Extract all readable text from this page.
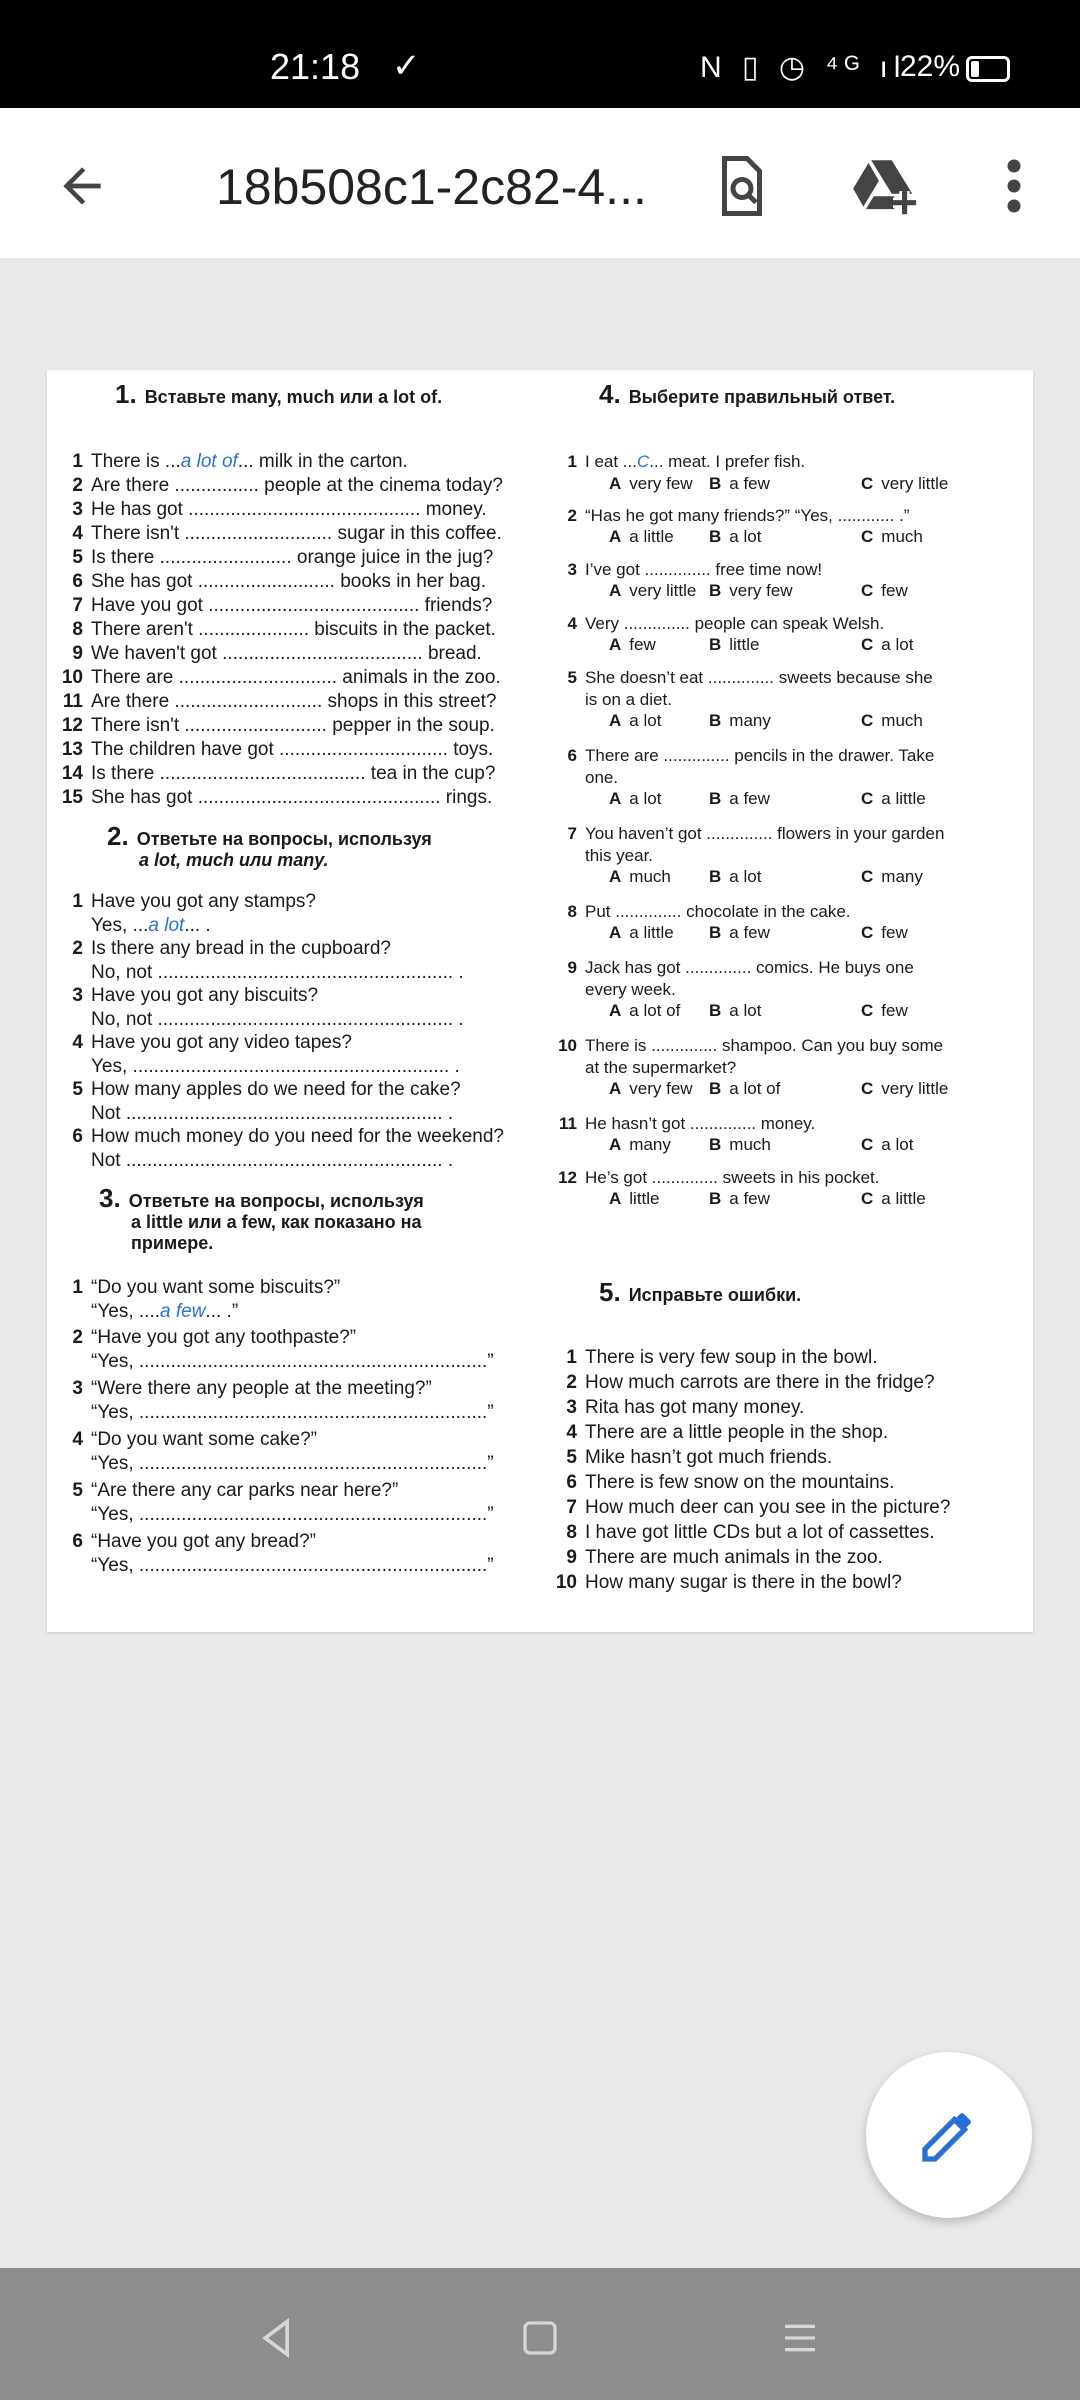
21:18 ✓	N ▯ ◷ ⁴ᴳ ıl
22%
18b508c1-2c82-4...
1. Вставьте many, much или a lot of.
1 There is ...a lot of... milk in the carton.
2 Are there ................ people at the cinema today?
3 He has got ............................................ money.
4 There isn't ............................ sugar in this coffee.
5 Is there ......................... orange juice in the jug?
6 She has got .......................... books in her bag.
7 Have you got ........................................ friends?
8 There aren't ..................... biscuits in the packet.
9 We haven't got ...................................... bread.
10 There are .............................. animals in the zoo.
11 Are there ............................ shops in this street?
12 There isn't ........................... pepper in the soup.
13 The children have got ................................ toys.
14 Is there ....................................... tea in the cup?
15 She has got .............................................. rings.
2. Ответьте на вопросы, используя
a lot, much или many.
1 Have you got any stamps?
Yes, ...a lot... .
2 Is there any bread in the cupboard?
No, not ........................................................ .
3 Have you got any biscuits?
No, not ........................................................ .
4 Have you got any video tapes?
Yes, ............................................................ .
5 How many apples do we need for the cake?
Not ............................................................ .
6 How much money do you need for the weekend?
Not ............................................................ .
3. Ответьте на вопросы, используя
a little или a few, как показано на
примере.
1 “Do you want some biscuits?”
“Yes, ....a few... .”
2 “Have you got any toothpaste?”
“Yes, ..................................................................”
3 “Were there any people at the meeting?”
“Yes, ..................................................................”
4 “Do you want some cake?”
“Yes, ..................................................................”
5 “Are there any car parks near here?”
“Yes, ..................................................................”
6 “Have you got any bread?”
“Yes, ..................................................................”
4. Выберите правильный ответ.
1 I eat ...C... meat. I prefer fish.
A very few B a few	C very little
2 “Has he got many friends?” “Yes, ............ .”
A a little B a lot	C much
3 I’ve got .............. free time now!
A very little B very few	C few
4 Very .............. people can speak Welsh.
A few	B little	C a lot
5 She doesn’t eat .............. sweets because she
is on a diet.
A a lot	B many	C much
6 There are .............. pencils in the drawer. Take
one.
A a lot	B a few	C a little
7 You haven’t got .............. flowers in your garden
this year.
A much B a lot	C many
8 Put .............. chocolate in the cake.
A a little B a few	C few
9 Jack has got .............. comics. He buys one
every week.
A a lot of B a lot	C few
10 There is .............. shampoo. Can you buy some
at the supermarket?
A very few B a lot of	C very little
11 He hasn’t got .............. money.
A many B much	C a lot
12 He’s got .............. sweets in his pocket.
A little	B a few	C a little
5. Исправьте ошибки.
1 There is very few soup in the bowl.
2 How much carrots are there in the fridge?
3 Rita has got many money.
4 There are a little people in the shop.
5 Mike hasn’t got much friends.
6 There is few snow on the mountains.
7 How much deer can you see in the picture?
8 I have got little CDs but a lot of cassettes.
9 There are much animals in the zoo.
10 How many sugar is there in the bowl?
